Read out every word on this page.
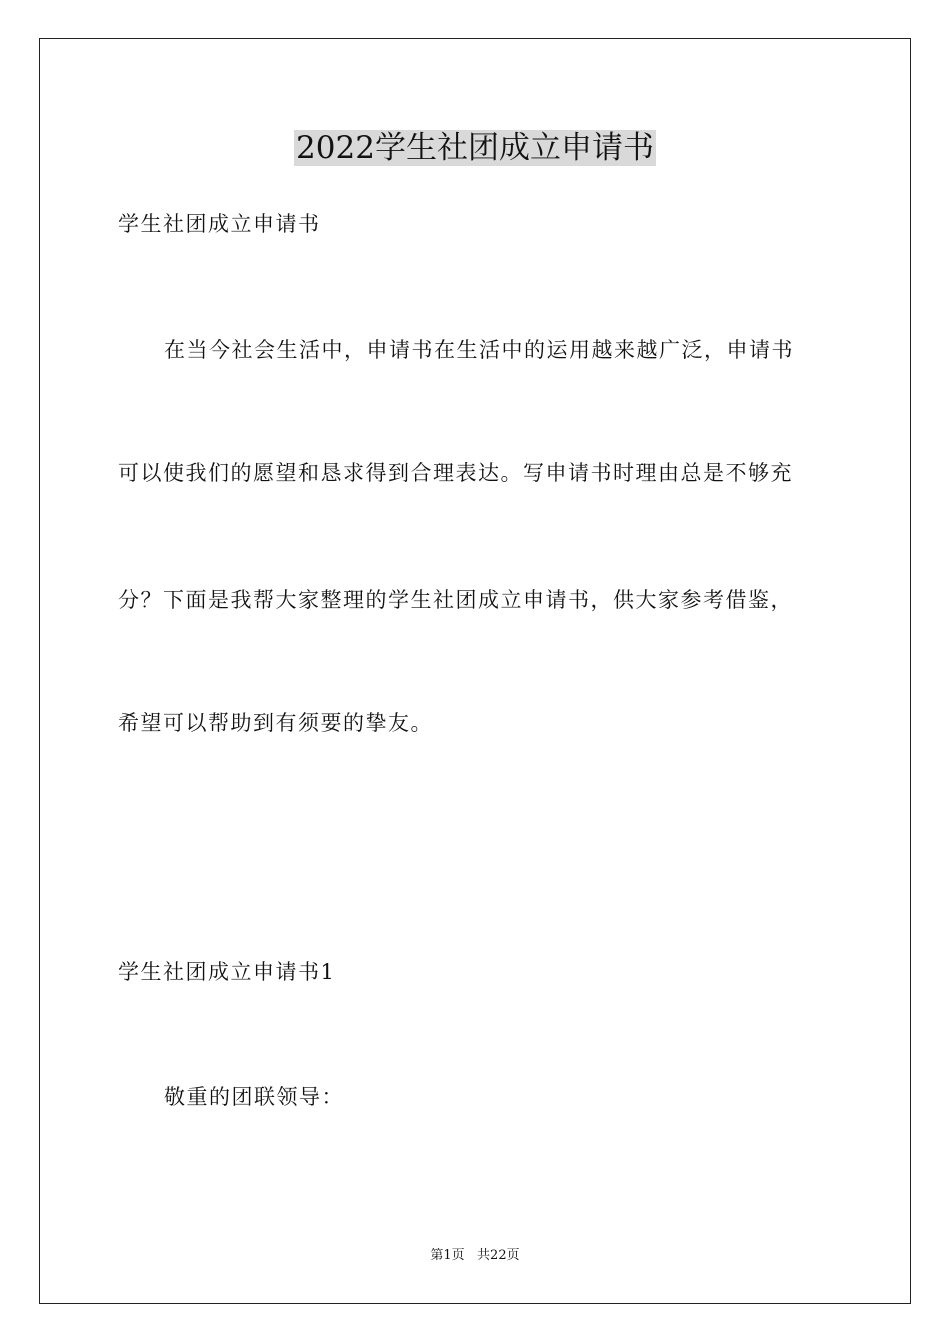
2022学生社团成立申请书
学生社团成立申请书
在当今社会生活中，申请书在生活中的运用越来越广泛，申请书
可以使我们的愿望和恳求得到合理表达。写申请书时理由总是不够充
分？下面是我帮大家整理的学生社团成立申请书，供大家参考借鉴，
希望可以帮助到有须要的挚友。
学生社团成立申请书1
敬重的团联领导：
第1页   共22页
